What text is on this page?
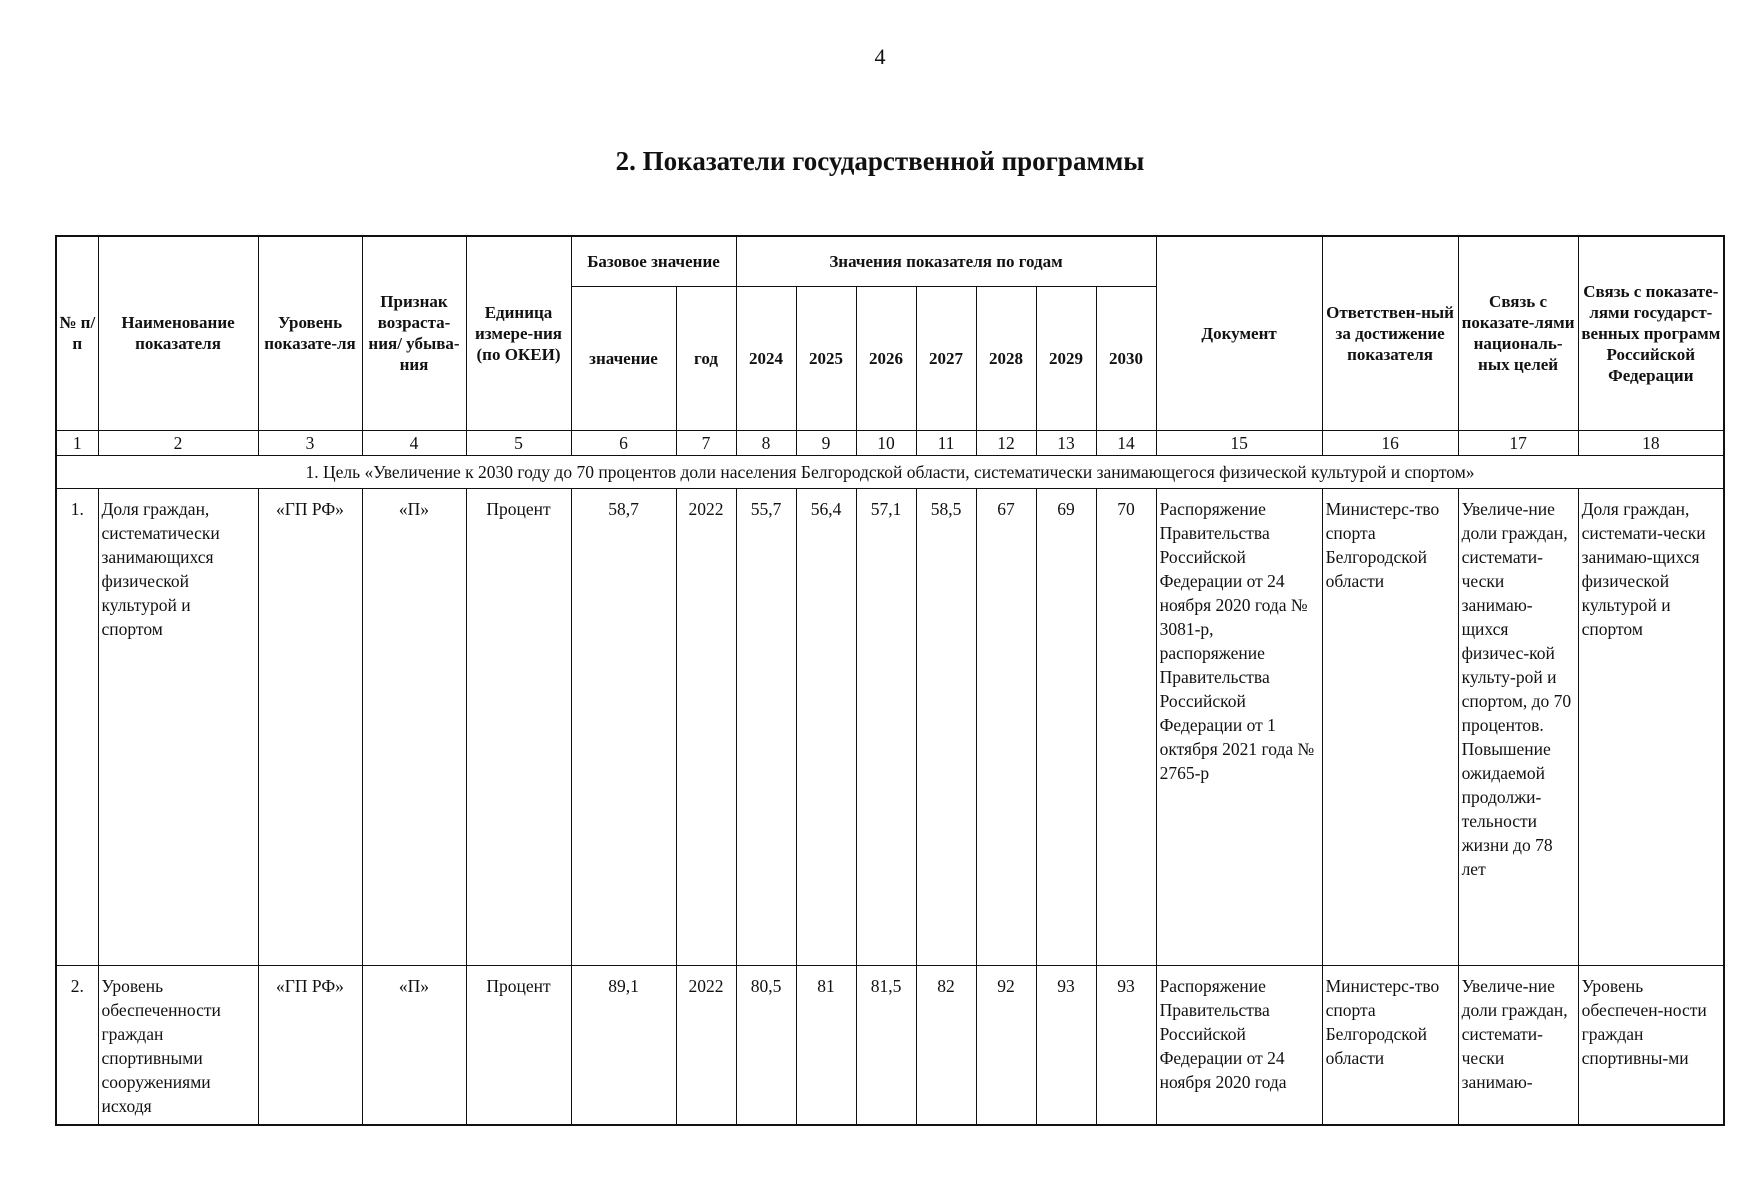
4
2. Показатели государственной программы
№ п/п	Наименование показателя	Уровень показате-ля	Признак возраста-ния/ убыва-ния	Единица измере-ния (по ОКЕИ)	Базовое значение		Значения показателя по годам							Документ	Ответствен-ный за достижение показателя	Связь с показате-лями националь-ных целей	Связь с показате-лями государст-венных программ Российской Федерации
					значение	год	2024	2025	2026	2027	2028	2029	2030				
1	2	3	4	5	6	7	8	9	10	11	12	13	14	15	16	17	18
1. Цель «Увеличение к 2030 году до 70 процентов доли населения Белгородской области, систематически занимающегося физической культурой и спортом»																	
1.	Доля граждан, систематически занимающихся физической культурой и спортом	«ГП РФ»	«П»	Процент	58,7	2022	55,7	56,4	57,1	58,5	67	69	70	Распоряжение Правительства Российской Федерации от 24 ноября 2020 года № 3081-р, распоряжение Правительства Российской Федерации от 1 октября 2021 года № 2765-р	Министерс-тво спорта Белгородской области	Увеличе-ние доли граждан, системати-чески занимаю-щихся физичес-кой культу-рой и спортом, до 70 процентов. Повышение ожидаемой продолжи-тельности жизни до 78 лет	Доля граждан, системати-чески занимаю-щихся физической культурой и спортом
2.	Уровень обеспеченности граждан спортивными сооружениями исходя	«ГП РФ»	«П»	Процент	89,1	2022	80,5	81	81,5	82	92	93	93	Распоряжение Правительства Российской Федерации от 24 ноября 2020 года	Министерс-тво спорта Белгородской области	Увеличе-ние доли граждан, системати-чески занимаю-	Уровень обеспечен-ности граждан спортивны-ми
